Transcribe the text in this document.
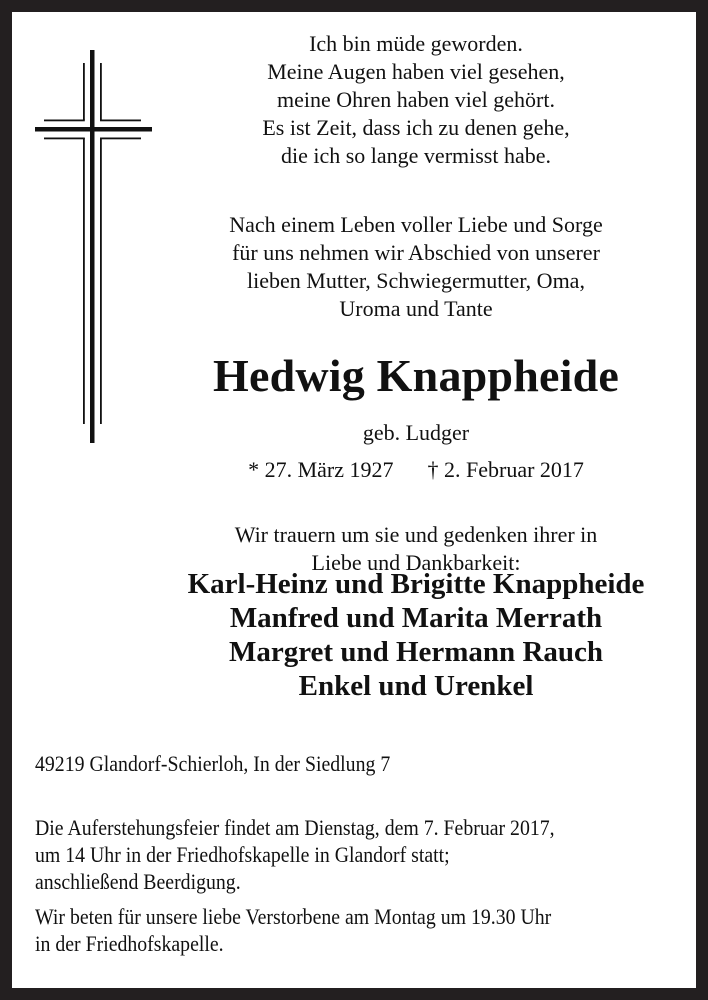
Ich bin müde geworden.
Meine Augen haben viel gesehen,
meine Ohren haben viel gehört.
Es ist Zeit, dass ich zu denen gehe,
die ich so lange vermisst habe.
Nach einem Leben voller Liebe und Sorge
für uns nehmen wir Abschied von unserer
lieben Mutter, Schwiegermutter, Oma,
Uroma und Tante
Hedwig Knappheide
geb. Ludger
* 27. März 1927 † 2. Februar 2017
Wir trauern um sie und gedenken ihrer in
Liebe und Dankbarkeit:
Karl-Heinz und Brigitte Knappheide
Manfred und Marita Merrath
Margret und Hermann Rauch
Enkel und Urenkel
49219 Glandorf-Schierloh, In der Siedlung 7
Die Auferstehungsfeier findet am Dienstag, dem 7. Februar 2017,
um 14 Uhr in der Friedhofskapelle in Glandorf statt;
anschließend Beerdigung.
Wir beten für unsere liebe Verstorbene am Montag um 19.30 Uhr
in der Friedhofskapelle.
